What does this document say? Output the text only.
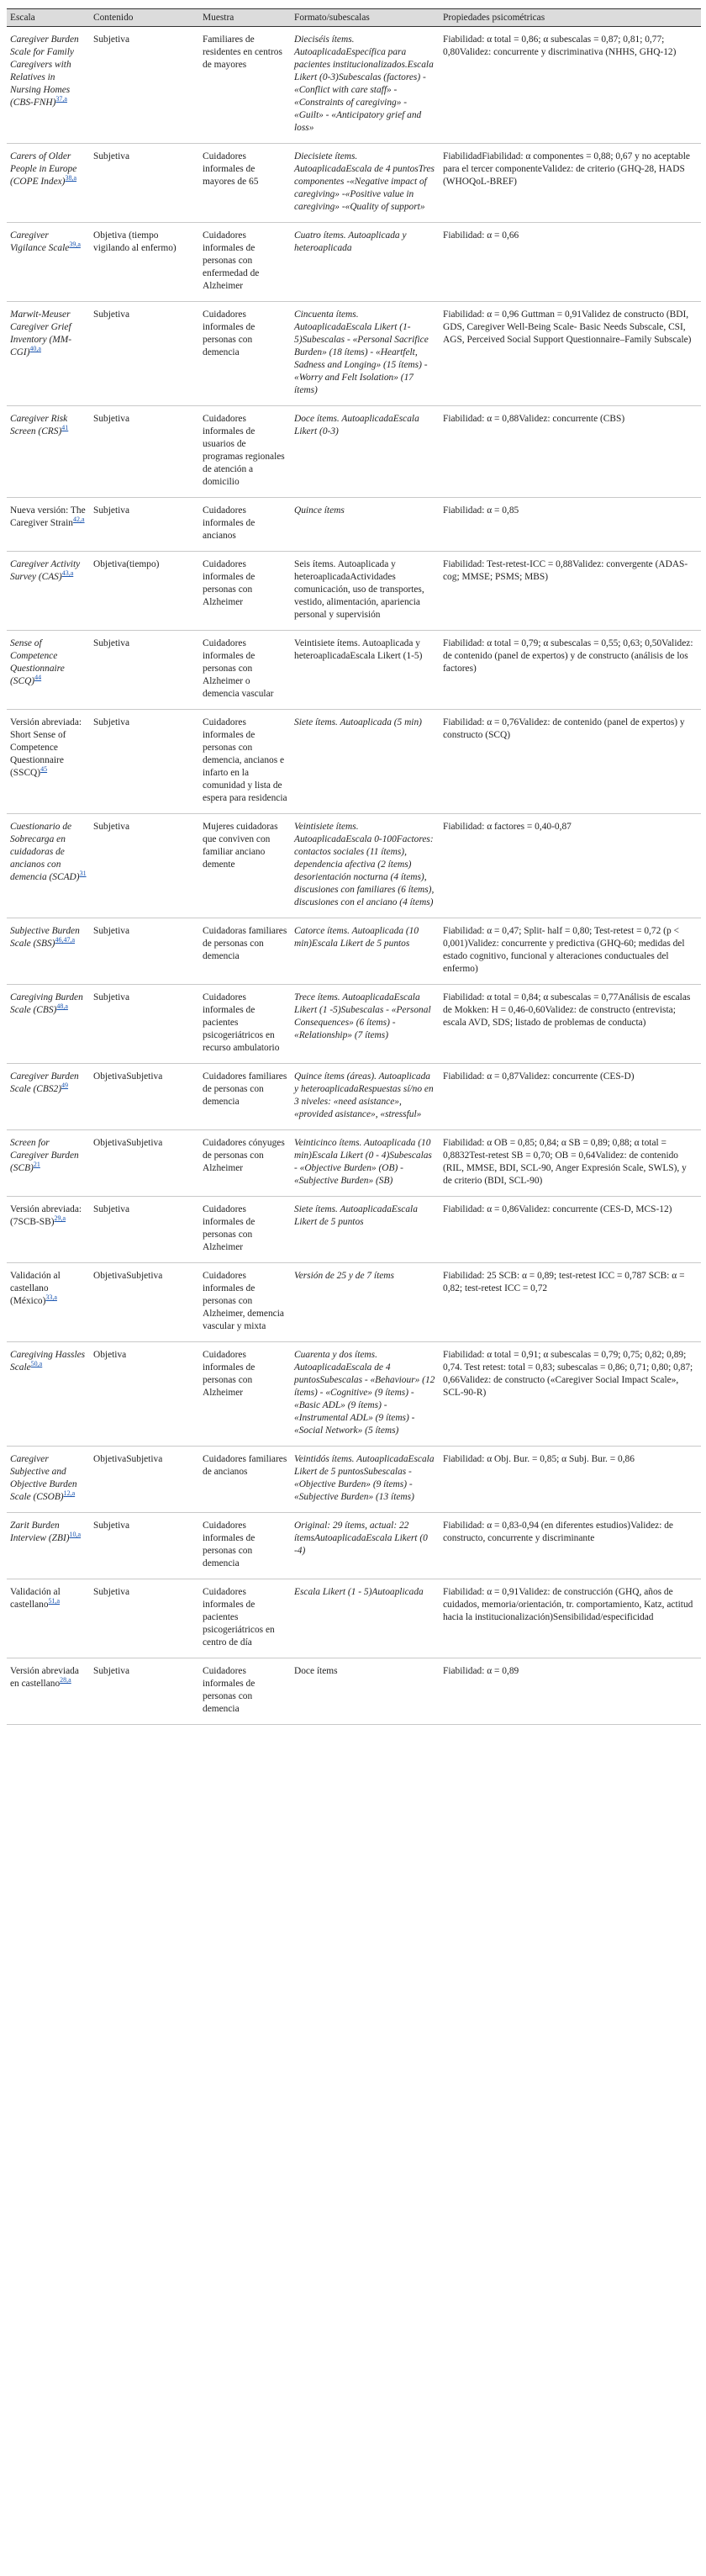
Escala	Contenido	Muestra	Formato/subescalas	Propiedades psicométricas
Caregiver Burden Scale for Family Caregivers with Relatives in Nursing Homes $(CBS-FNH)^{37,a}$	Subjetiva	Familiares de residentes en centros de mayores	Dieciséis ítems. AutoaplicadaEspecífica para pacientes institucionalizados.Escala Likert (0-3)Subescalas (factores) - «Conflict with care staff» - «Constraints of caregiving» - «Guilt» - «Anticipatory grief and loss»	Fiabilidad: α total = 0,86; α subescalas = 0,87; 0,81; 0,77; 0,80Validez: concurrente y discriminativa (NHHS, GHQ-12)
Carers of Older People in Europe (COPE Index)$^{38,a}$	Subjetiva	Cuidadores informales de mayores de 65	Diecisiete ítems. AutoaplicadaEscala de 4 puntosTres componentes -«Negative impact of caregiving» -«Positive value in caregiving» -«Quality of support»	FiabilidadFiabilidad: α componentes = 0,88; 0,67 y no aceptable para el tercer componenteValidez: de criterio (GHQ-28, HADS (WHOQoL-BREF)
Caregiver Vigilance Scale$^{39,a}$	Objetiva (tiempo vigilando al enfermo)	Cuidadores informales de personas con enfermedad de Alzheimer	Cuatro ítems. Autoaplicada y heteroaplicada	Fiabilidad: α = 0,66
Marwit-Meuser Caregiver Grief Inventory $(MM-CGI)^{40,a}$	Subjetiva	Cuidadores informales de personas con demencia	Cincuenta ítems. AutoaplicadaEscala Likert (1-5)Subescalas - «Personal Sacrifice Burden» (18 ítems) - «Heartfelt, Sadness and Longing» (15 ítems) - «Worry and Felt Isolation» (17 ítems)	Fiabilidad: α = 0,96 Guttman = 0,91Validez de constructo (BDI, GDS, Caregiver Well-Being Scale- Basic Needs Subscale, CSI, AGS, Perceived Social Support Questionnaire–Family Subscale)
Caregiver Risk Screen (CRS)$^{41}$	Subjetiva	Cuidadores informales de usuarios de programas regionales de atención a domicilio	Doce ítems. AutoaplicadaEscala Likert (0-3)	Fiabilidad: α = 0,88Validez: concurrente (CBS)
Nueva versión: The Caregiver Strain$^{42,a}$	Subjetiva	Cuidadores informales de ancianos	Quince ítems	Fiabilidad: α = 0,85
Caregiver Activity Survey (CAS)$^{43,a}$	Objetiva(tiempo)	Cuidadores informales de personas con Alzheimer	Seis ítems. Autoaplicada y heteroaplicadaActividades comunicación, uso de transportes, vestido, alimentación, apariencia personal y supervisión	Fiabilidad: Test-retest-ICC = 0,88Validez: convergente (ADAS-cog; MMSE; PSMS; MBS)
Sense of Competence Questionnaire (SCQ)$^{44}$	Subjetiva	Cuidadores informales de personas con Alzheimer o demencia vascular	Veintisiete ítems. Autoaplicada y heteroaplicadaEscala Likert (1-5)	Fiabilidad: α total = 0,79; α subescalas = 0,55; 0,63; 0,50Validez: de contenido (panel de expertos) y de constructo (análisis de los factores)
Versión abreviada: Short Sense of Competence Questionnaire (SSCQ)$^{45}$	Subjetiva	Cuidadores informales de personas con demencia, ancianos e infarto en la comunidad y lista de espera para residencia	Siete ítems. Autoaplicada (5 min)	Fiabilidad: α = 0,76Validez: de contenido (panel de expertos) y constructo (SCQ)
Cuestionario de Sobrecarga en cuidadoras de ancianos con demencia (SCAD)$^{31}$	Subjetiva	Mujeres cuidadoras que conviven con familiar anciano demente	Veintisiete ítems. AutoaplicadaEscala 0-100Factores: contactos sociales (11 ítems), dependencia afectiva (2 ítems) desorientación nocturna (4 ítems), discusiones con familiares (6 ítems), discusiones con el anciano (4 ítems)	Fiabilidad: α factores = 0,40-0,87
Subjective Burden Scale (SBS)$^{46,47,a}$	Subjetiva	Cuidadoras familiares de personas con demencia	Catorce ítems. Autoaplicada (10 min)Escala Likert de 5 puntos	Fiabilidad: α = 0,47; Split- half = 0,80; Test-retest = 0,72 (p < 0,001)Validez: concurrente y predictiva (GHQ-60; medidas del estado cognitivo, funcional y alteraciones conductuales del enfermo)
Caregiving Burden Scale (CBS)$^{48,a}$	Subjetiva	Cuidadores informales de pacientes psicogeriátricos en recurso ambulatorio	Trece ítems. AutoaplicadaEscala Likert (1 -5)Subescalas - «Personal Consequences» (6 ítems) - «Relationship» (7 ítems)	Fiabilidad: α total = 0,84; α subescalas = 0,77Análisis de escalas de Mokken: H = 0,46-0,60Validez: de constructo (entrevista; escala AVD, SDS; listado de problemas de conducta)
Caregiver Burden Scale $(CBS2)^{49}$	ObjetivaSubjetiva	Cuidadores familiares de personas con demencia	Quince ítems (áreas). Autoaplicada y heteroaplicadaRespuestas sí/no en 3 niveles: «need asistance», «provided asistance», «stressful»	Fiabilidad: α = 0,87Validez: concurrente (CES-D)
Screen for Caregiver Burden (SCB)$^{21}$	ObjetivaSubjetiva	Cuidadores cónyuges de personas con Alzheimer	Veinticinco ítems. Autoaplicada (10 min)Escala Likert (0 - 4)Subescalas - «Objective Burden» (OB) - «Subjective Burden» (SB)	Fiabilidad: α OB = 0,85; 0,84; α SB = 0,89; 0,88; α total = 0,8832Test-retest SB = 0,70; OB = 0,64Validez: de contenido (RIL, MMSE, BDI, SCL-90, Anger Expresión Scale, SWLS), y de criterio (BDI, SCL-90)
Versión abreviada: $(7SCB-SB)^{29,a}$	Subjetiva	Cuidadores informales de personas con Alzheimer	Siete ítems. AutoaplicadaEscala Likert de 5 puntos	Fiabilidad: α = 0,86Validez: concurrente (CES-D, MCS-12)
Validación al castellano (México)$^{33,a}$	ObjetivaSubjetiva	Cuidadores informales de personas con Alzheimer, demencia vascular y mixta	Versión de 25 y de 7 ítems	Fiabilidad: 25 SCB: α = 0,89; test-retest ICC = 0,787 SCB: α = 0,82; test-retest ICC = 0,72
Caregiving Hassles Scale$^{50,a}$	Objetiva	Cuidadores informales de personas con Alzheimer	Cuarenta y dos ítems. AutoaplicadaEscala de 4 puntosSubescalas - «Behaviour» (12 ítems) - «Cognitive» (9 ítems) - «Basic ADL» (9 ítems) - «Instrumental ADL» (9 ítems) - «Social Network» (5 ítems)	Fiabilidad: α total = 0,91; α subescalas = 0,79; 0,75; 0,82; 0,89; 0,74. Test retest: total = 0,83; subescalas = 0,86; 0,71; 0,80; 0,87; 0,66Validez: de constructo («Caregiver Social Impact Scale», SCL-90-R)
Caregiver Subjective and Objective Burden Scale (CSOB)$^{12,a}$	ObjetivaSubjetiva	Cuidadores familiares de ancianos	Veintidós ítems. AutoaplicadaEscala Likert de 5 puntosSubescalas - «Objective Burden» (9 ítems) - «Subjective Burden» (13 ítems)	Fiabilidad: α Obj. Bur. = 0,85; α Subj. Bur. = 0,86
Zarit Burden Interview (ZBI)$^{10,a}$	Subjetiva	Cuidadores informales de personas con demencia	Original: 29 ítems, actual: 22 ítemsAutoaplicadaEscala Likert (0 -4)	Fiabilidad: α = 0,83-0,94 (en diferentes estudios)Validez: de constructo, concurrente y discriminante
Validación al castellano$^{51,a}$	Subjetiva	Cuidadores informales de pacientes psicogeriátricos en centro de día	Escala Likert (1 - 5)Autoaplicada	Fiabilidad: α = 0,91Validez: de construcción (GHQ, años de cuidados, memoria/orientación, tr. comportamiento, Katz, actitud hacia la institucionalización)Sensibilidad/especificidad
Versión abreviada en castellano$^{28,a}$	Subjetiva	Cuidadores informales de personas con demencia	Doce ítems	Fiabilidad: α = 0,89
